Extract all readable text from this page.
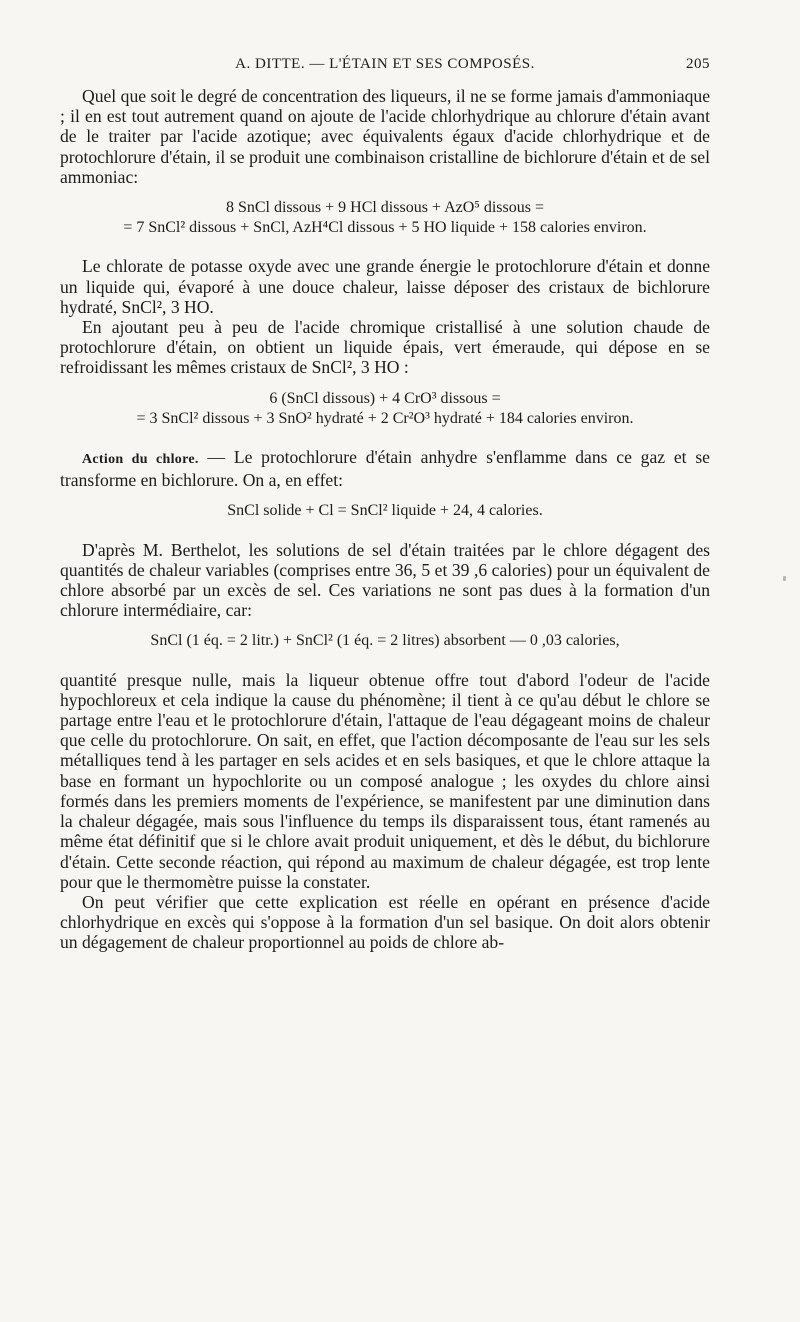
A. DITTE. — L'ÉTAIN ET SES COMPOSÉS.	205

Quel que soit le degré de concentration des liqueurs, il ne se forme jamais d'ammoniaque ; il en est tout autrement quand on ajoute de l'acide chlorhydrique au chlorure d'étain avant de le traiter par l'acide azotique; avec équivalents égaux d'acide chlorhydrique et de protochlorure d'étain, il se produit une combinaison cristalline de bichlorure d'étain et de sel ammoniac:

8 SnCl dissous + 9 HCl dissous + AzO⁵ dissous =
= 7 SnCl² dissous + SnCl, AzH⁴Cl dissous + 5 HO liquide + 158 calories environ.

Le chlorate de potasse oxyde avec une grande énergie le protochlorure d'étain et donne un liquide qui, évaporé à une douce chaleur, laisse déposer des cristaux de bichlorure hydraté, SnCl², 3 HO.

En ajoutant peu à peu de l'acide chromique cristallisé à une solution chaude de protochlorure d'étain, on obtient un liquide épais, vert émeraude, qui dépose en se refroidissant les mêmes cristaux de SnCl², 3 HO :

6 (SnCl dissous) + 4 CrO³ dissous =
= 3 SnCl² dissous + 3 SnO² hydraté + 2 Cr²O³ hydraté + 184 calories environ.

Action du chlore. — Le protochlorure d'étain anhydre s'enflamme dans ce gaz et se transforme en bichlorure. On a, en effet:

SnCl solide + Cl = SnCl² liquide + 24, 4 calories.

D'après M. Berthelot, les solutions de sel d'étain traitées par le chlore dégagent des quantités de chaleur variables (comprises entre 36, 5 et 39 ,6 calories) pour un équivalent de chlore absorbé par un excès de sel. Ces variations ne sont pas dues à la formation d'un chlorure intermédiaire, car:

SnCl (1 éq. = 2 litr.) + SnCl² (1 éq. = 2 litres) absorbent — 0 ,03 calories,

quantité presque nulle, mais la liqueur obtenue offre tout d'abord l'odeur de l'acide hypochloreux et cela indique la cause du phénomène; il tient à ce qu'au début le chlore se partage entre l'eau et le protochlorure d'étain, l'attaque de l'eau dégageant moins de chaleur que celle du protochlorure. On sait, en effet, que l'action décomposante de l'eau sur les sels métalliques tend à les partager en sels acides et en sels basiques, et que le chlore attaque la base en formant un hypochlorite ou un composé analogue ; les oxydes du chlore ainsi formés dans les premiers moments de l'expérience, se manifestent par une diminution dans la chaleur dégagée, mais sous l'influence du temps ils disparaissent tous, étant ramenés au même état définitif que si le chlore avait produit uniquement, et dès le début, du bichlorure d'étain. Cette seconde réaction, qui répond au maximum de chaleur dégagée, est trop lente pour que le thermomètre puisse la constater.

On peut vérifier que cette explication est réelle en opérant en présence d'acide chlorhydrique en excès qui s'oppose à la formation d'un sel basique. On doit alors obtenir un dégagement de chaleur proportionnel au poids de chlore ab-
